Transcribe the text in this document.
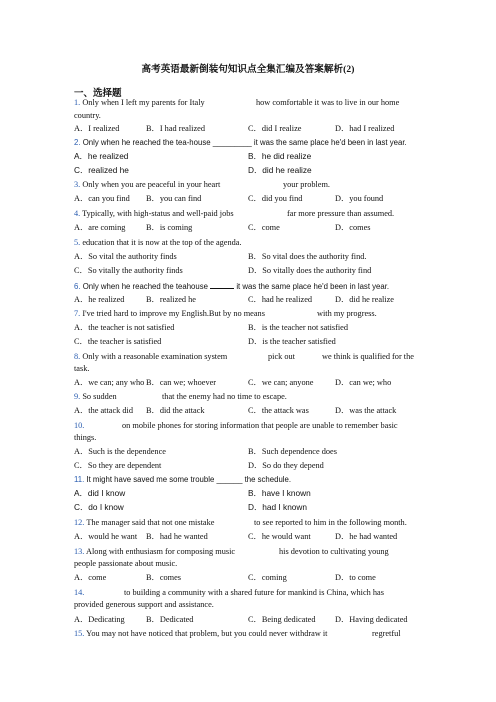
高考英语最新倒装句知识点全集汇编及答案解析(2)
一、选择题
1. Only when I left my parents for Italy	how comfortable it was to live in our home
country.
A．I realized	B．I had realized	C．did I realize	D．had I realized
2. Only when he reached the tea-house _________ it was the same place he'd been in last year.
A．he realized	B．he did realize
C．realized he	D．did he realize
3. Only when you are peaceful in your heart	your problem.
A．can you find B．you can find	C．did you find	D．you found
4. Typically, with high-status and well-paid jobs	far more pressure than assumed.
A．are coming B．is coming	C．come	D．comes
5. education that it is now at the top of the agenda.
A．So vital the authority finds	B．So vital does the authority find.
C．So vitally the authority finds	D．So vitally does the authority find
6. Only when he reached the teahouse	it was the same place he'd been in last year.
A．he realized	B．realized he	C．had he realized	D．did he realize
7. I've tried hard to improve my English.But by no means	with my progress.
A．the teacher is not satisfied	B．is the teacher not satisfied
C．the teacher is satisfied	D．is the teacher satisfied
8. Only with a reasonable examination system	pick out	we think is qualified for the
task.
A．we can; any who B．can we; whoever	C．we can; anyone	D．can we; who
9. So sudden	that the enemy had no time to escape.
A．the attack did B．did the attack	C．the attack was	D．was the attack
10.	on mobile phones for storing information that people are unable to remember basic
things.
A．Such is the dependence	B．Such dependence does
C．So they are dependent	D．So do they depend
11. It might have saved me some trouble ______ the schedule.
A．did I know	B．have I known
C．do I know	D．had I known
12. The manager said that not one mistake	to see reported to him in the following month.
A．would he want B．had he wanted	C．he would want	D．he had wanted
13. Along with enthusiasm for composing music	his devotion to cultivating young
people passionate about music.
A．come	B．comes	C．coming	D．to come
14.	to building a community with a shared future for mankind is China, which has
provided generous support and assistance.
A．Dedicating	B．Dedicated	C．Being dedicated D．Having dedicated
15. You may not have noticed that problem, but you could never withdraw it	regretful
